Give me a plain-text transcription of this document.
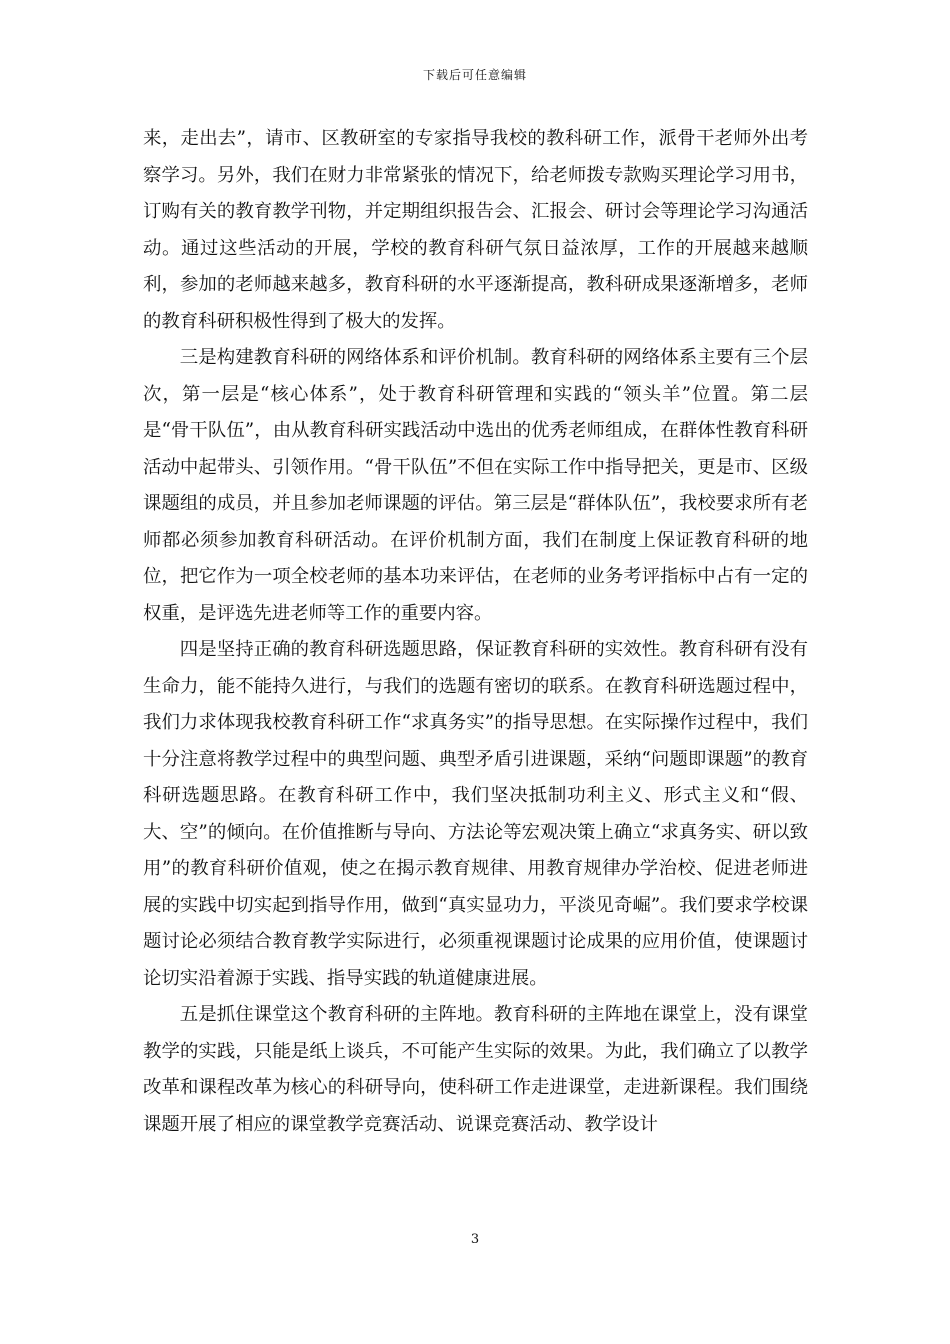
下载后可任意编辑

来，走出去”，请市、区教研室的专家指导我校的教科研工作，派骨干老师外出考察学习。另外，我们在财力非常紧张的情况下，给老师拨专款购买理论学习用书，订购有关的教育教学刊物，并定期组织报告会、汇报会、研讨会等理论学习沟通活动。通过这些活动的开展，学校的教育科研气氛日益浓厚，工作的开展越来越顺利，参加的老师越来越多，教育科研的水平逐渐提高，教科研成果逐渐增多，老师的教育科研积极性得到了极大的发挥。

三是构建教育科研的网络体系和评价机制。教育科研的网络体系主要有三个层次，第一层是“核心体系”，处于教育科研管理和实践的“领头羊”位置。第二层是“骨干队伍”，由从教育科研实践活动中选出的优秀老师组成，在群体性教育科研活动中起带头、引领作用。“骨干队伍”不但在实际工作中指导把关，更是市、区级课题组的成员，并且参加老师课题的评估。第三层是“群体队伍”，我校要求所有老师都必须参加教育科研活动。在评价机制方面，我们在制度上保证教育科研的地位，把它作为一项全校老师的基本功来评估，在老师的业务考评指标中占有一定的权重，是评选先进老师等工作的重要内容。

四是坚持正确的教育科研选题思路，保证教育科研的实效性。教育科研有没有生命力，能不能持久进行，与我们的选题有密切的联系。在教育科研选题过程中，我们力求体现我校教育科研工作“求真务实”的指导思想。在实际操作过程中，我们十分注意将教学过程中的典型问题、典型矛盾引进课题，采纳“问题即课题”的教育科研选题思路。在教育科研工作中，我们坚决抵制功利主义、形式主义和“假、大、空”的倾向。在价值推断与导向、方法论等宏观决策上确立“求真务实、研以致用”的教育科研价值观，使之在揭示教育规律、用教育规律办学治校、促进老师进展的实践中切实起到指导作用，做到“真实显功力，平淡见奇崛”。我们要求学校课题讨论必须结合教育教学实际进行，必须重视课题讨论成果的应用价值，使课题讨论切实沿着源于实践、指导实践的轨道健康进展。

五是抓住课堂这个教育科研的主阵地。教育科研的主阵地在课堂上，没有课堂教学的实践，只能是纸上谈兵，不可能产生实际的效果。为此，我们确立了以教学改革和课程改革为核心的科研导向，使科研工作走进课堂，走进新课程。我们围绕课题开展了相应的课堂教学竞赛活动、说课竞赛活动、教学设计

3
